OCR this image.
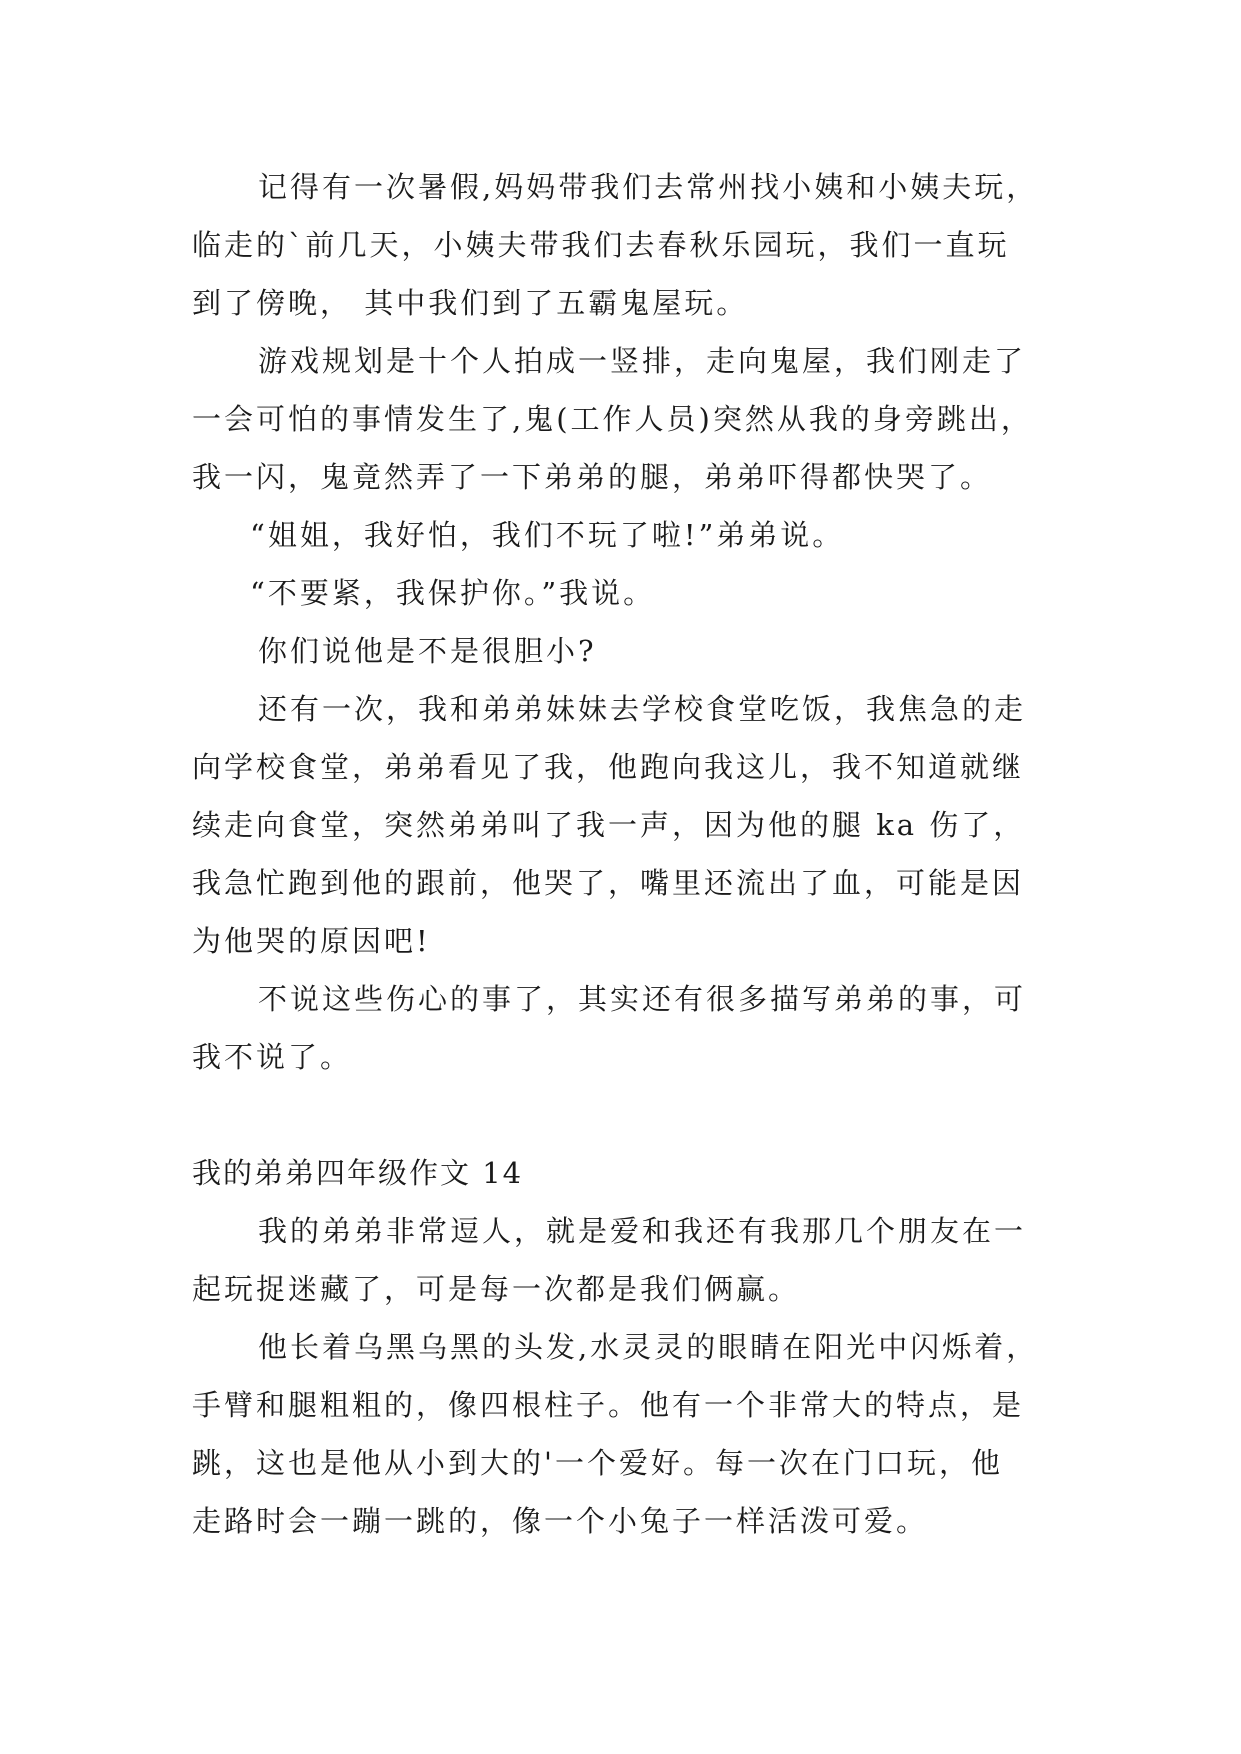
记得有一次暑假,妈妈带我们去常州找小姨和小姨夫玩，
临走的`前几天，小姨夫带我们去春秋乐园玩，我们一直玩
到了傍晚， 其中我们到了五霸鬼屋玩。
游戏规划是十个人拍成一竖排，走向鬼屋，我们刚走了
一会可怕的事情发生了,鬼(工作人员)突然从我的身旁跳出，
我一闪，鬼竟然弄了一下弟弟的腿，弟弟吓得都快哭了。
“姐姐，我好怕，我们不玩了啦!”弟弟说。
“不要紧，我保护你。”我说。
你们说他是不是很胆小?
还有一次，我和弟弟妹妹去学校食堂吃饭，我焦急的走
向学校食堂，弟弟看见了我，他跑向我这儿，我不知道就继
续走向食堂，突然弟弟叫了我一声，因为他的腿 ka 伤了，
我急忙跑到他的跟前，他哭了，嘴里还流出了血，可能是因
为他哭的原因吧!
不说这些伤心的事了，其实还有很多描写弟弟的事，可
我不说了。
我的弟弟四年级作文 14
我的弟弟非常逗人，就是爱和我还有我那几个朋友在一
起玩捉迷藏了，可是每一次都是我们俩赢。
他长着乌黑乌黑的头发,水灵灵的眼睛在阳光中闪烁着，
手臂和腿粗粗的，像四根柱子。他有一个非常大的特点，是
跳，这也是他从小到大的'一个爱好。每一次在门口玩，他
走路时会一蹦一跳的，像一个小兔子一样活泼可爱。
